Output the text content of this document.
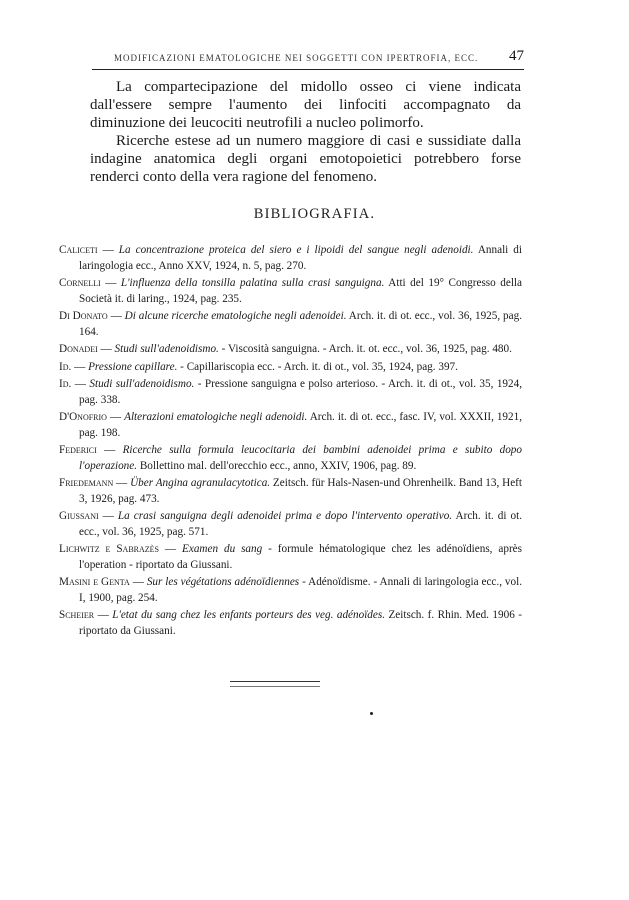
MODIFICAZIONI EMATOLOGICHE NEI SOGGETTI CON IPERTROFIA, ECC. 47

La compartecipazione del midollo osseo ci viene indicata dall'essere sempre l'aumento dei linfociti accompagnato da diminuzione dei leucociti neutrofili a nucleo polimorfo.

Ricerche estese ad un numero maggiore di casi e sussidiate dalla indagine anatomica degli organi emotopoietici potrebbero forse renderci conto della vera ragione del fenomeno.

BIBLIOGRAFIA.

Caliceti — La concentrazione proteica del siero e i lipoidi del sangue negli adenoidi. Annali di laringologia ecc., Anno XXV, 1924, n. 5, pag. 270.

Cornelli — L'influenza della tonsilla palatina sulla crasi sanguigna. Atti del 19° Congresso della Società it. di laring., 1924, pag. 235.

Di Donato — Di alcune ricerche ematologiche negli adenoidei. Arch. it. di ot. ecc., vol. 36, 1925, pag. 164.

Donadei — Studi sull'adenoidismo. - Viscosità sanguigna. - Arch. it. ot. ecc., vol. 36, 1925, pag. 480.

Id. — Pressione capillare. - Capillariscopia ecc. - Arch. it. di ot., vol. 35, 1924, pag. 397.

Id. — Studi sull'adenoidismo. - Pressione sanguigna e polso arterioso. - Arch. it. di ot., vol. 35, 1924, pag. 338.

D'Onofrio — Alterazioni ematologiche negli adenoidi. Arch. it. di ot. ecc., fasc. IV, vol. XXXII, 1921, pag. 198.

Federici — Ricerche sulla formula leucocitaria dei bambini adenoidei prima e subito dopo l'operazione. Bollettino mal. dell'orecchio ecc., anno, XXIV, 1906, pag. 89.

Friedemann — Über Angina agranulacytotica. Zeitsch. für Hals-Nasen-und Ohrenheilk. Band 13, Heft 3, 1926, pag. 473.

Giussani — La crasi sanguigna degli adenoidei prima e dopo l'intervento operativo. Arch. it. di ot. ecc., vol. 36, 1925, pag. 571.

Lichwitz e Sabrazès — Examen du sang - formule hématologique chez les adénoïdiens, après l'operation - riportato da Giussani.

Masini e Genta — Sur les végétations adénoïdiennes - Adénoïdisme. - Annali di laringologia ecc., vol. I, 1900, pag. 254.

Scheier — L'etat du sang chez les enfants porteurs des veg. adénoïdes. Zeitsch. f. Rhin. Med. 1906 - riportato da Giussani.
